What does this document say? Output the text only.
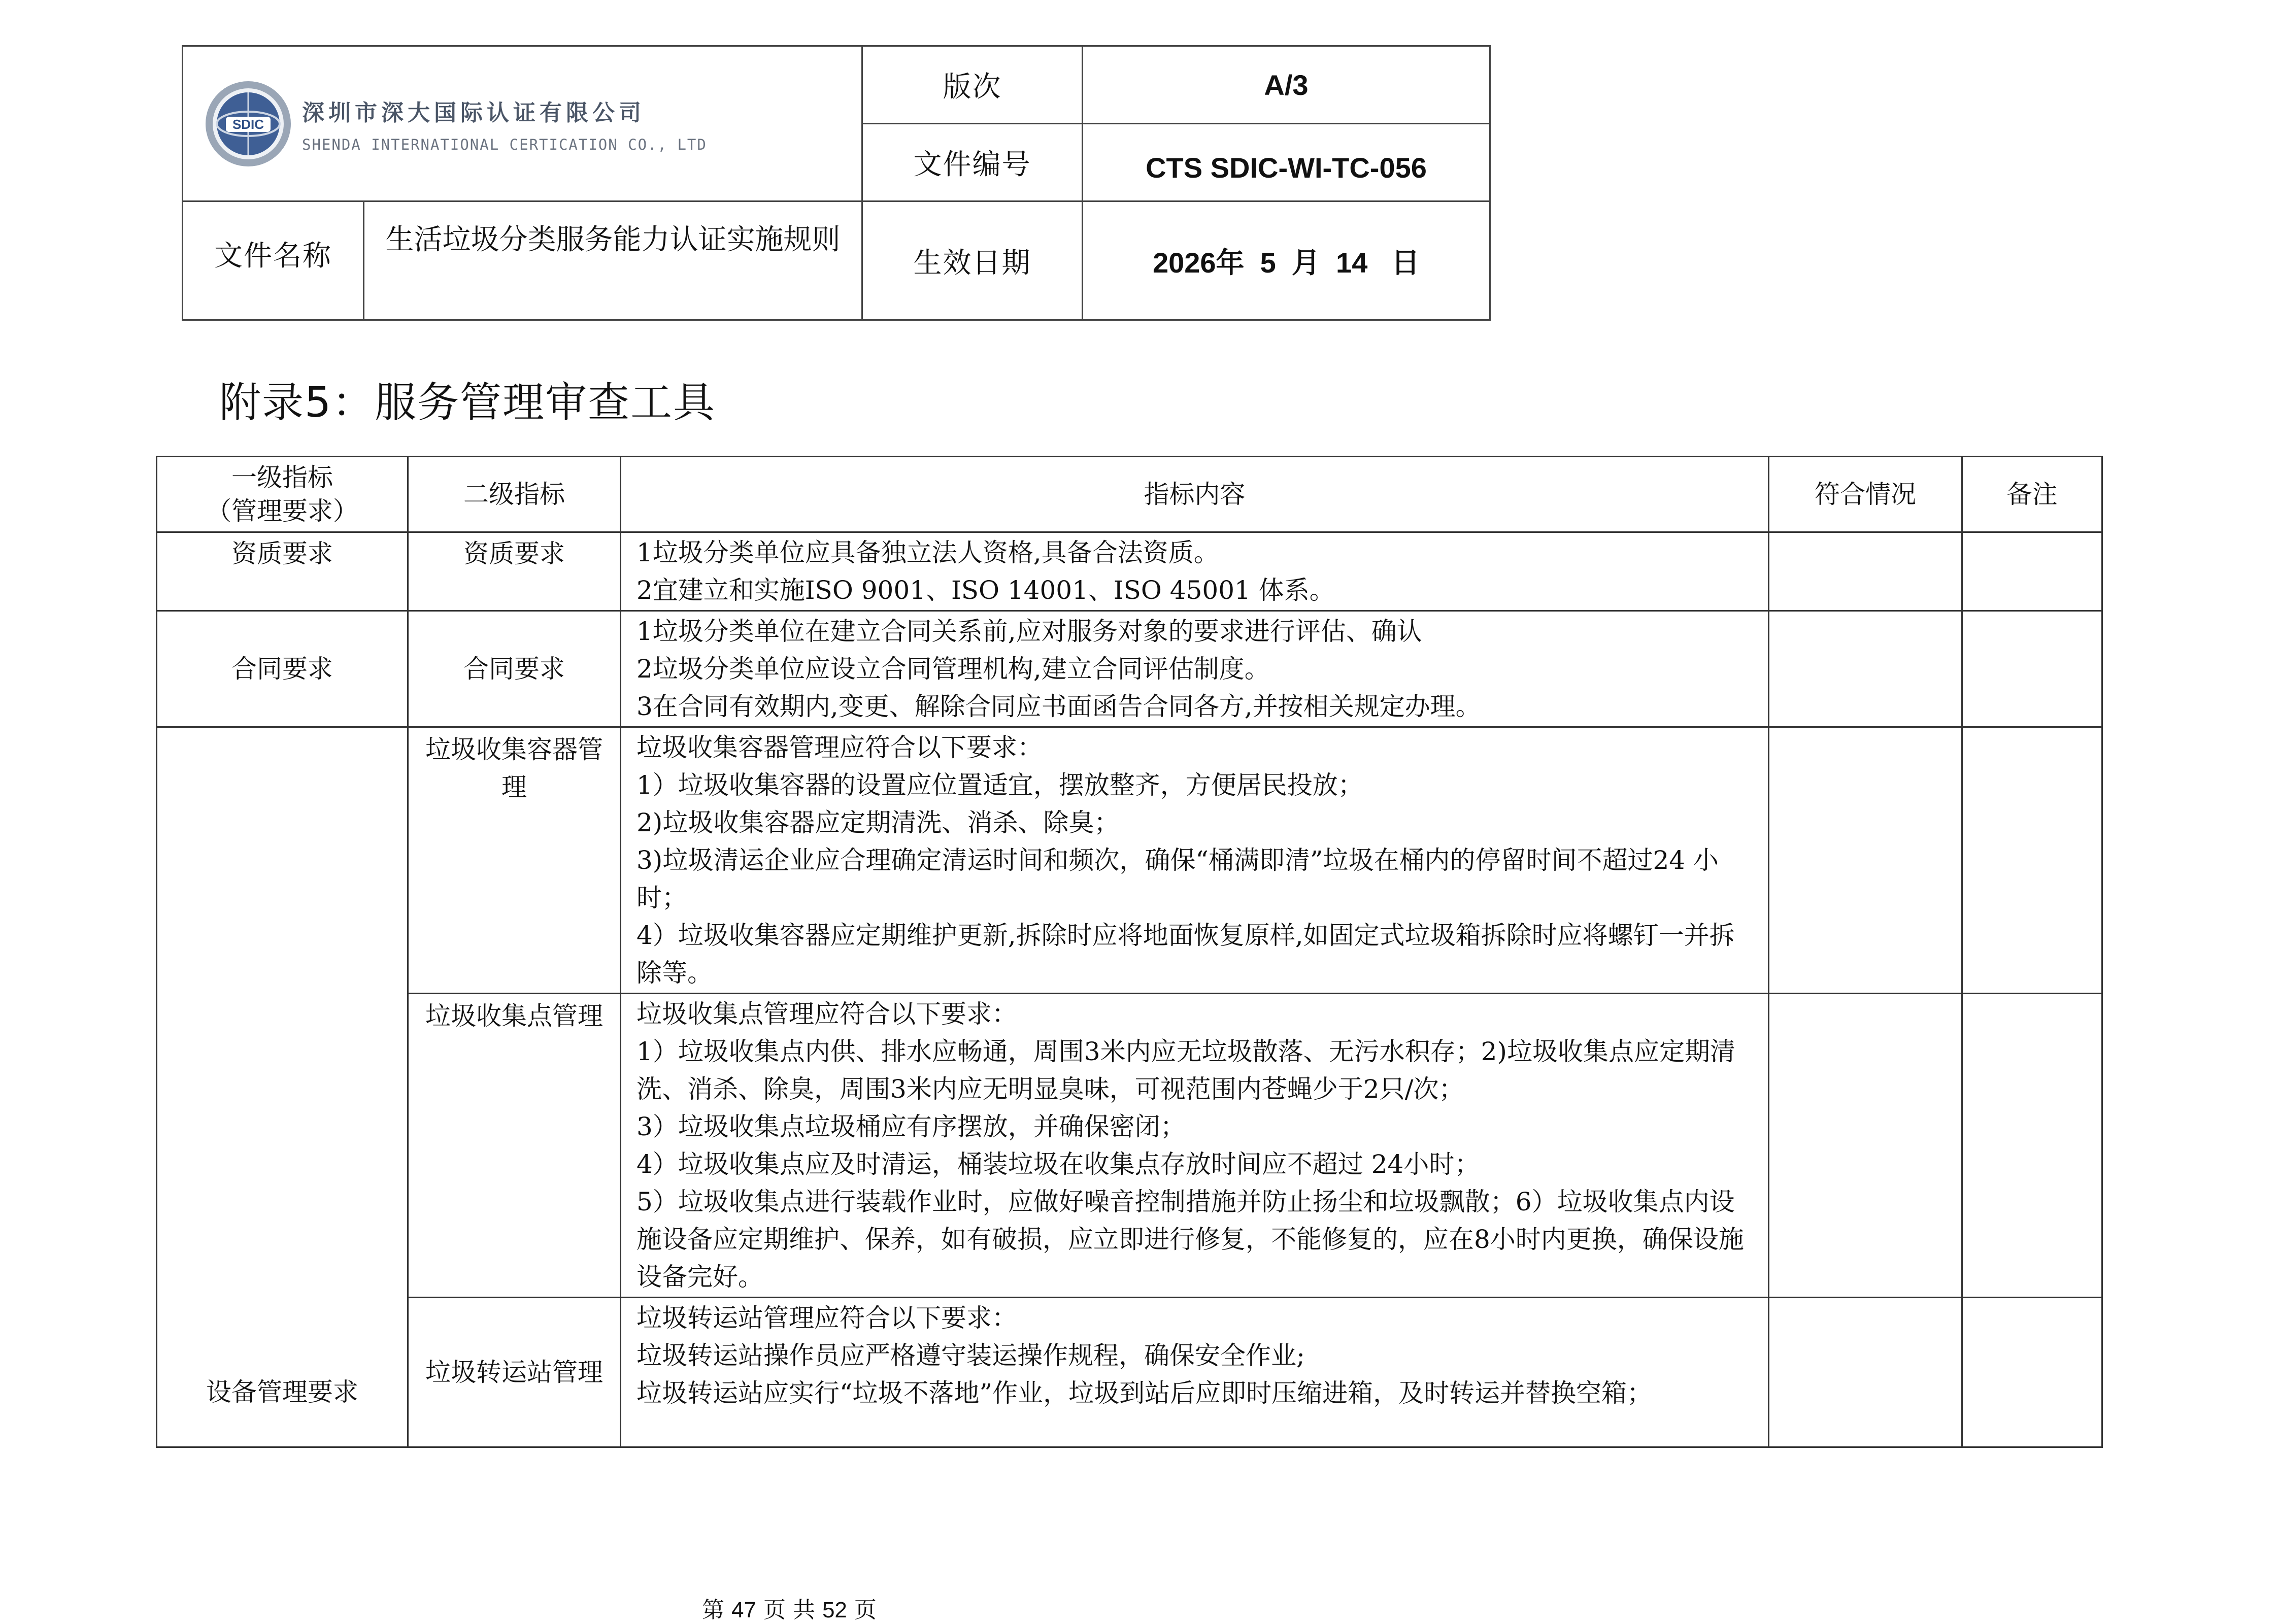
SDIC 深圳市深大国际认证有限公司
SHENDA INTERNATIONAL CERTICATION CO., LTD		版次	A/3
		文件编号	CTS SDIC-WI-TC-056
文件名称	生活垃圾分类服务能力认证实施规则	生效日期	2026年  5  月  14   日
附录5：服务管理审查工具
一级指标
（管理要求）	二级指标	指标内容	符合情况	备注
资质要求	资质要求	1垃圾分类单位应具备独立法人资格,具备合法资质。
2宜建立和实施ISO 9001、ISO 14001、ISO 45001 体系。		

合同要求	合同要求	1垃圾分类单位在建立合同关系前,应对服务对象的要求进行评估、确认
2垃圾分类单位应设立合同管理机构,建立合同评估制度。
3在合同有效期内,变更、解除合同应书面函告合同各方,并按相关规定办理。		

设备管理要求	垃圾收集容器管理	垃圾收集容器管理应符合以下要求：
1）垃圾收集容器的设置应位置适宜，摆放整齐，方便居民投放；
2)垃圾收集容器应定期清洗、消杀、除臭；
3)垃圾清运企业应合理确定清运时间和频次，确保“桶满即清”垃圾在桶内的停留时间不超过24 小时；
4）垃圾收集容器应定期维护更新,拆除时应将地面恢复原样,如固定式垃圾箱拆除时应将螺钉一并拆除等。		

	垃圾收集点管理	垃圾收集点管理应符合以下要求：
1）垃圾收集点内供、排水应畅通，周围3米内应无垃圾散落、无污水积存；2)垃圾收集点应定期清洗、消杀、除臭，周围3米内应无明显臭味，可视范围内苍蝇少于2只/次；
3）垃圾收集点垃圾桶应有序摆放，并确保密闭；
4）垃圾收集点应及时清运，桶装垃圾在收集点存放时间应不超过 24小时；
5）垃圾收集点进行装载作业时，应做好噪音控制措施并防止扬尘和垃圾飘散；6）垃圾收集点内设施设备应定期维护、保养，如有破损，应立即进行修复，不能修复的，应在8小时内更换，确保设施设备完好。		

	垃圾转运站管理	垃圾转运站管理应符合以下要求：
垃圾转运站操作员应严格遵守装运操作规程，确保安全作业;
垃圾转运站应实行“垃圾不落地”作业，垃圾到站后应即时压缩进箱，及时转运并替换空箱；		

第 47 页 共 52 页
